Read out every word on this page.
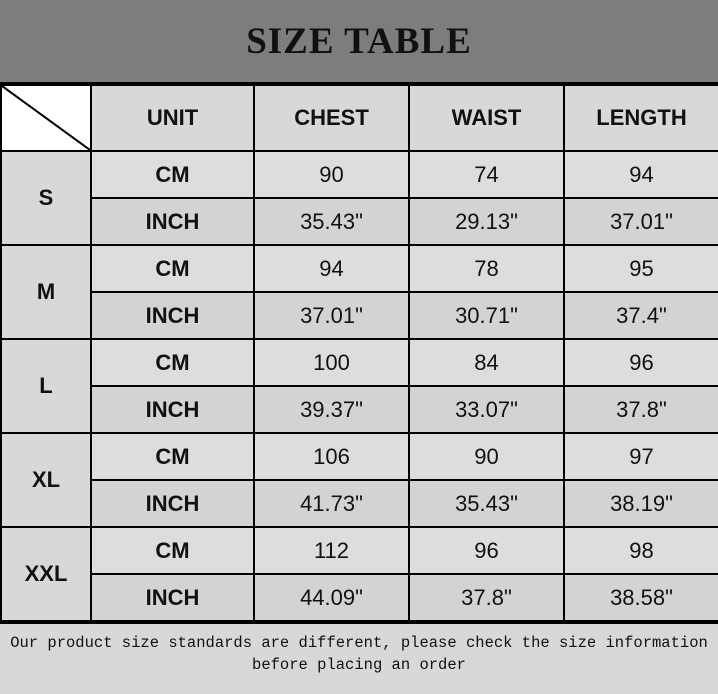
SIZE TABLE
	UNIT	CHEST	WAIST	LENGTH
S	CM	90	74	94
	INCH	35.43"	29.13"	37.01"
M	CM	94	78	95
	INCH	37.01"	30.71"	37.4"
L	CM	100	84	96
	INCH	39.37"	33.07"	37.8"
XL	CM	106	90	97
	INCH	41.73"	35.43"	38.19"
XXL	CM	112	96	98
	INCH	44.09"	37.8"	38.58"
Our product size standards are different, please check the size information
before placing an order
